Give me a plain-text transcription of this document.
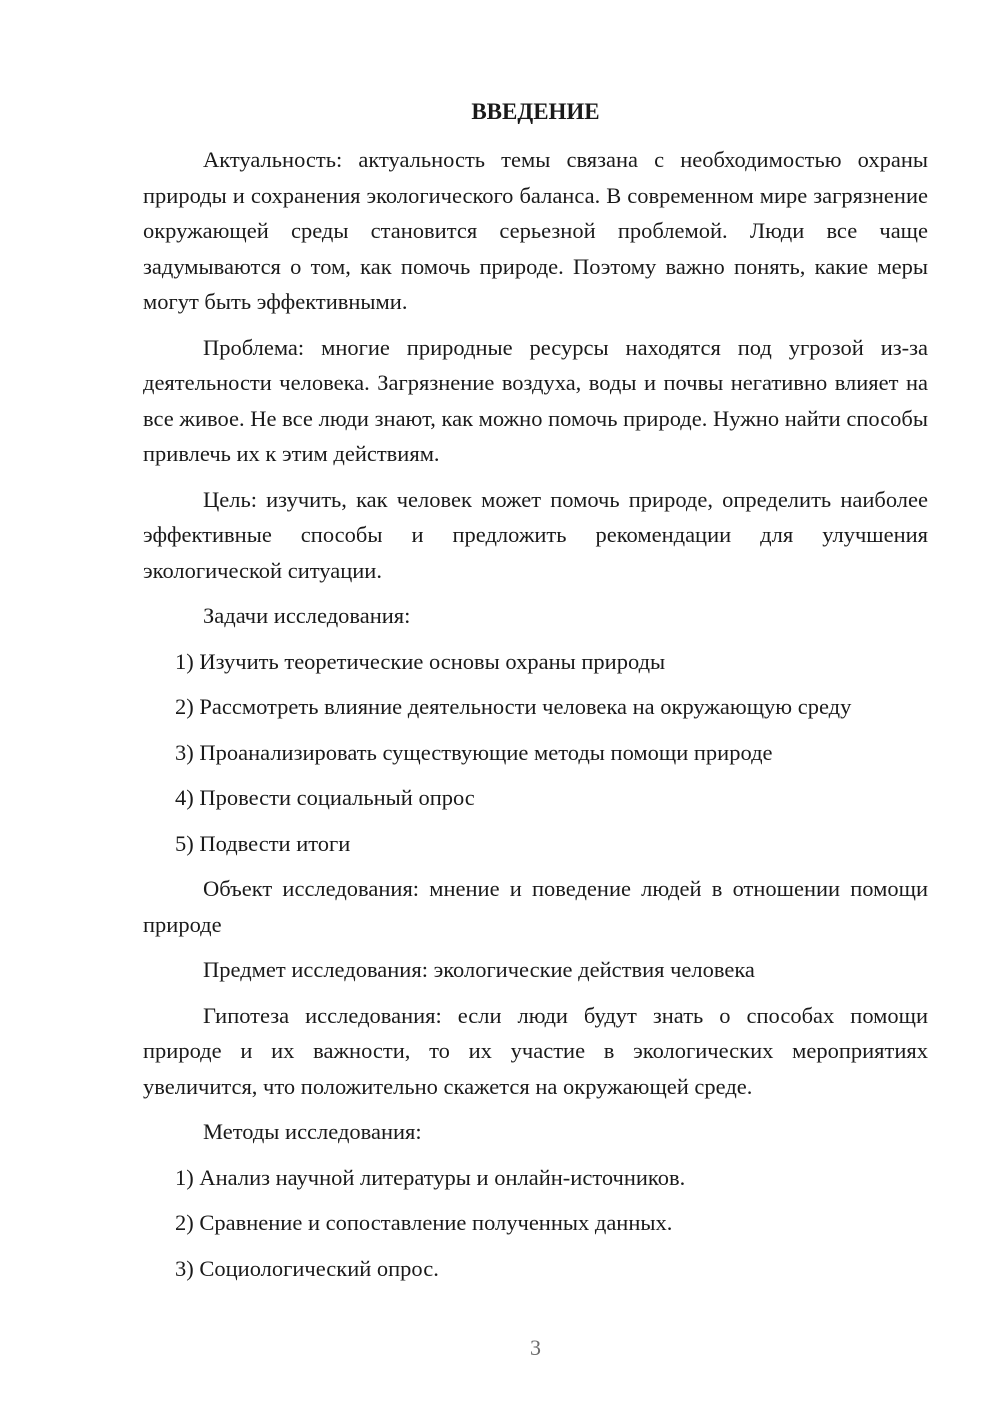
ВВЕДЕНИЕ

Актуальность: актуальность темы связана с необходимостью охраны природы и сохранения экологического баланса. В современном мире загрязнение окружающей среды становится серьезной проблемой. Люди все чаще задумываются о том, как помочь природе. Поэтому важно понять, какие меры могут быть эффективными.

Проблема: многие природные ресурсы находятся под угрозой из-за деятельности человека. Загрязнение воздуха, воды и почвы негативно влияет на все живое. Не все люди знают, как можно помочь природе. Нужно найти способы привлечь их к этим действиям.

Цель: изучить, как человек может помочь природе, определить наиболее эффективные способы и предложить рекомендации для улучшения экологической ситуации.

Задачи исследования:

1) Изучить теоретические основы охраны природы

2) Рассмотреть влияние деятельности человека на окружающую среду

3) Проанализировать существующие методы помощи природе

4) Провести социальный опрос

5) Подвести итоги

Объект исследования: мнение и поведение людей в отношении помощи природе

Предмет исследования: экологические действия человека

Гипотеза исследования: если люди будут знать о способах помощи природе и их важности, то их участие в экологических мероприятиях увеличится, что положительно скажется на окружающей среде.

Методы исследования:

1) Анализ научной литературы и онлайн-источников.

2) Сравнение и сопоставление полученных данных.

3) Социологический опрос.

3
